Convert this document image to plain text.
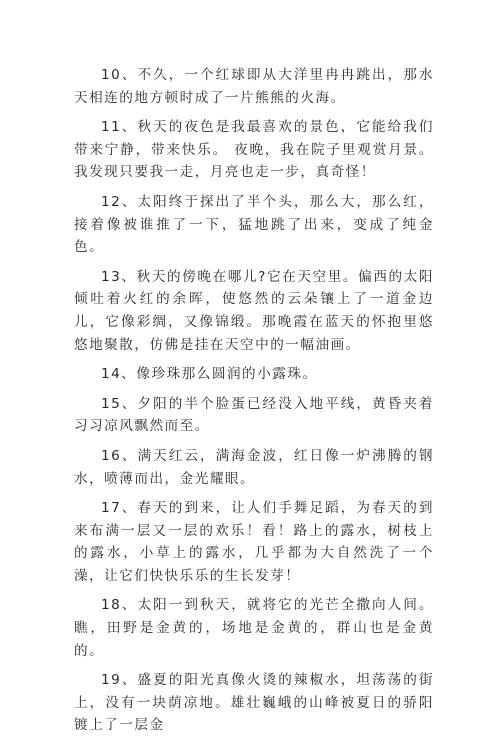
10、不久，一个红球即从大洋里冉冉跳出，那水天相连的地方顿时成了一片熊熊的火海。

11、秋天的夜色是我最喜欢的景色，它能给我们带来宁静，带来快乐。 夜晚，我在院子里观赏月景。我发现只要我一走，月亮也走一步，真奇怪！

12、太阳终于探出了半个头，那么大，那么红，接着像被谁推了一下，猛地跳了出来，变成了纯金色。

13、秋天的傍晚在哪儿?它在天空里。偏西的太阳倾吐着火红的余晖，使悠然的云朵镶上了一道金边儿，它像彩绸，又像锦缎。那晚霞在蓝天的怀抱里悠悠地聚散，仿佛是挂在天空中的一幅油画。

14、像珍珠那么圆润的小露珠。

15、夕阳的半个脸蛋已经没入地平线，黄昏夹着习习凉风飘然而至。

16、满天红云，满海金波，红日像一炉沸腾的钢水，喷薄而出，金光耀眼。

17、春天的到来，让人们手舞足蹈，为春天的到来布满一层又一层的欢乐！看！路上的露水，树枝上的露水，小草上的露水，几乎都为大自然洗了一个澡，让它们快快乐乐的生长发芽！

18、太阳一到秋天，就将它的光芒全撒向人间。瞧，田野是金黄的，场地是金黄的，群山也是金黄的。

19、盛夏的阳光真像火烫的辣椒水，坦荡荡的街上，没有一块荫凉地。雄壮巍峨的山峰被夏日的骄阳镀上了一层金
